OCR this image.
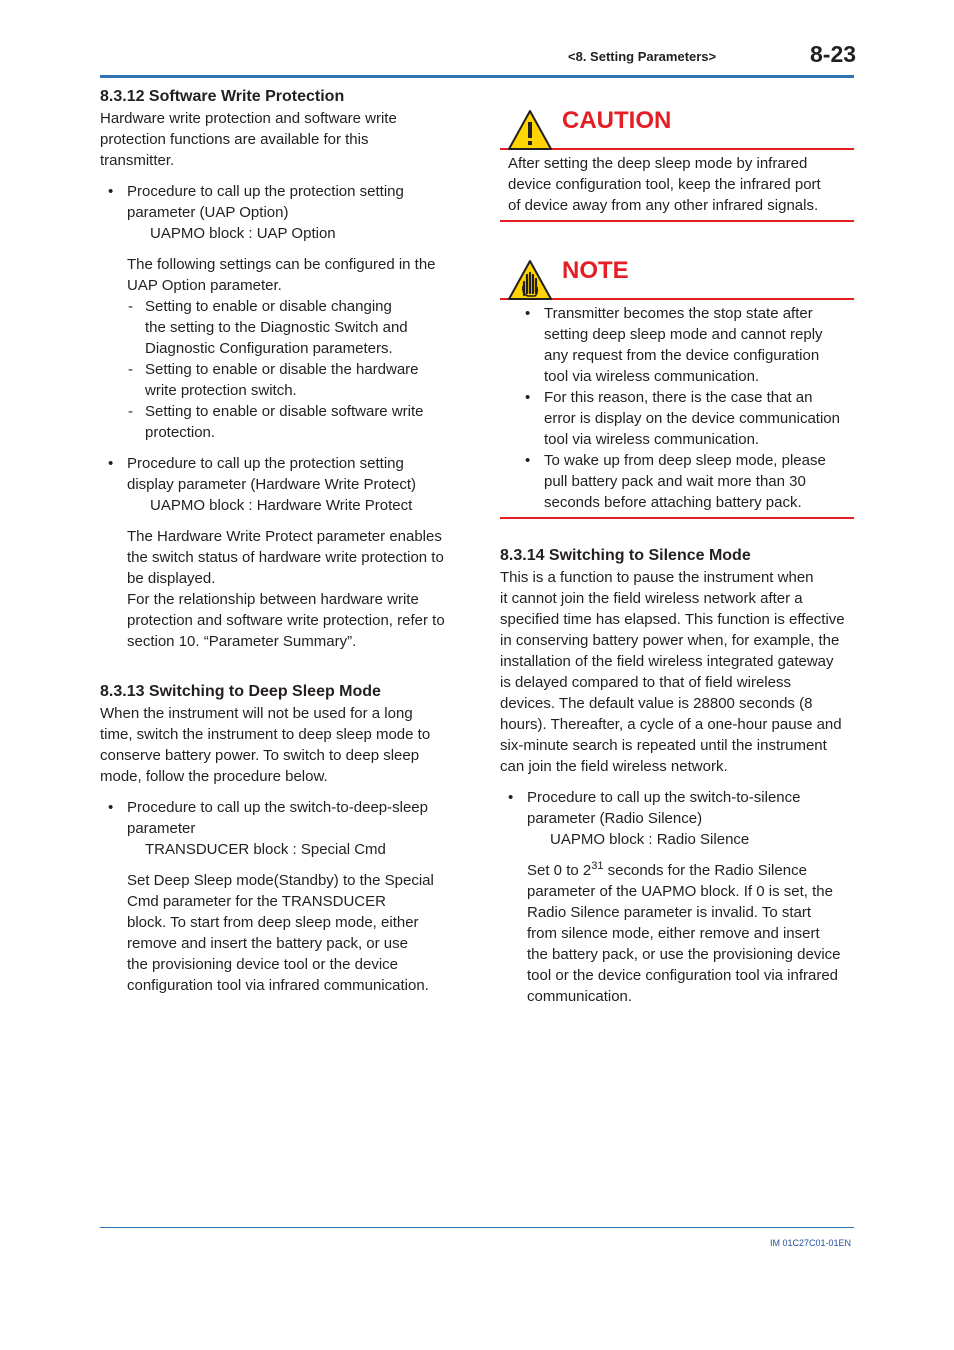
<8. Setting Parameters>	8-23

8.3.12 Software Write Protection

Hardware write protection and software write

protection functions are available for this

transmitter.

• Procedure to call up the protection setting

parameter (UAP Option)

UAPMO block : UAP Option

The following settings can be configured in the

UAP Option parameter.

- Setting to enable or disable changing

the setting to the Diagnostic Switch and

Diagnostic Configuration parameters.

- Setting to enable or disable the hardware

write protection switch.

- Setting to enable or disable software write

protection.

• Procedure to call up the protection setting

display parameter (Hardware Write Protect)

UAPMO block : Hardware Write Protect

The Hardware Write Protect parameter enables

the switch status of hardware write protection to

be displayed.

For the relationship between hardware write

protection and software write protection, refer to

section 10. “Parameter Summary”.

8.3.13 Switching to Deep Sleep Mode

When the instrument will not be used for a long

time, switch the instrument to deep sleep mode to

conserve battery power. To switch to deep sleep

mode, follow the procedure below.

• Procedure to call up the switch-to-deep-sleep

parameter

TRANSDUCER block : Special Cmd

Set Deep Sleep mode(Standby) to the Special

Cmd parameter for the TRANSDUCER

block. To start from deep sleep mode, either

remove and insert the battery pack, or use

the provisioning device tool or the device

configuration tool via infrared communication.

CAUTION

After setting the deep sleep mode by infrared

device configuration tool, keep the infrared port

of device away from any other infrared signals.

NOTE

• Transmitter becomes the stop state after

setting deep sleep mode and cannot reply

any request from the device configuration

tool via wireless communication.

• For this reason, there is the case that an

error is display on the device communication

tool via wireless communication.

• To wake up from deep sleep mode, please

pull battery pack and wait more than 30

seconds before attaching battery pack.

8.3.14 Switching to Silence Mode

This is a function to pause the instrument when

it cannot join the field wireless network after a

specified time has elapsed. This function is effective

in conserving battery power when, for example, the

installation of the field wireless integrated gateway

is delayed compared to that of field wireless

devices. The default value is 28800 seconds (8

hours). Thereafter, a cycle of a one-hour pause and

six-minute search is repeated until the instrument

can join the field wireless network.

• Procedure to call up the switch-to-silence

parameter (Radio Silence)

UAPMO block : Radio Silence

Set 0 to $2^{31}$ seconds for the Radio Silence

parameter of the UAPMO block. If 0 is set, the

Radio Silence parameter is invalid. To start

from silence mode, either remove and insert

the battery pack, or use the provisioning device

tool or the device configuration tool via infrared

communication.

IM 01C27C01-01EN
